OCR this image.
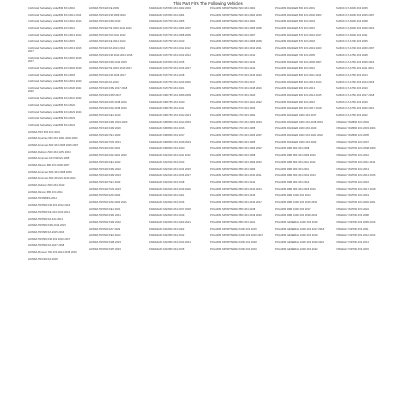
This Part Fit's The Following Vehicles
CHN Hisil Subsidiary Ltda BIM 6X4 2010
CHN Hisil Subsidiary Ltda BIM 6X4 2011 2014
CHN Hisil Subsidiary Ltda BIM 4X4 2010 2014
CHN Hisil Subsidiary Ltda BIM 4X4 2012
CHN Hisil Subsidiary Ltda BIM 6X4 2013 2014
CHN Hisil Subsidiary Ltda BIM 6X4 2015
CHN Hisil Subsidiary Ltda BIM 4X4 2013 2016 2017
CHN Hisil Subsidiary Ltda BIM 6X4 2015 2016 2017
CHN Hisil Subsidiary Ltda BIM 4X4 2018 2019
CHN Hisil Subsidiary Ltda BIM 6X4 2018
CHN Hisil Subsidiary Ltda BIM 6X4 2019 2020
CHN Hisil Subsidiary Ltda BIM 4X4 2020 2021 2022
CHN Hisil Subsidiary Ltda BIM 4X4 2021 2022
CHN Hisil Subsidiary Ltda BIM 6X4 2022
CHN Hisil Subsidiary Ltda BIM 4X4 2023 2024
CHN Hisil Subsidiary Ltda BIM 6X4 2023
CHN Hisil Subsidiary Ltda BIM 6X4 2024
HONDA TRX 500 4X4 2001
HONDA Fourtrax 500 4X4 2001 2002 2003
HONDA Foreman 500 4X4 2005 2006 2007
HONDA Rubicon 500 4X4 GPS 2004
HONDA Foreman 4X4 500 ES 2005
HONDA Rincon 680 4X4 2006 2007
HONDA Foreman 500 4X4 2008 2009
HONDA Foreman 500 4X4 ES 2010 2011
HONDA Rubicon 500 4X4 2010
HONDA Rincon 680 4X4 2011
HONDA TRX680FA 2012
HONDA TRX500 FM 4X4 2012 2013
HONDA TRX500 FE 4X4 2013 2014
HONDA TRX500 FA 4X4 2014
HONDA TRX500 FPA 2014 2015
HONDA TRX680 FA 2015 2016
HONDA TRX500 FM 4X4 2016 2017
HONDA TRX500 FA 2017 2018
HONDA Pioneer 700 4X4 2014 2015 2016
HONDA TRX420 FA 2018
HONDA TRX420 FE 2009
HONDA TRX420 FM 2009 2010
HONDA TRX420 FPA 2010
HONDA TRX420 TE 2010 2011 2012
HONDA TRX420 TM 2011 2012
HONDA TRX420 FE 2012 2013
HONDA TRX420 FA 2013 2014
HONDA TRX420 FM 2013 2014 2015
HONDA TRX420 FPA 2014 2015
HONDA TRX420 TE 2015 2016 2017
HONDA TRX420 FM 2016 2017
HONDA TRX420 FA 2016
HONDA TRX420 FPE 2017 2018
HONDA TRX420 FPM 2017
HONDA TRX420 FA5 2018 2019
HONDA TRX420 FA6 2018 2019
HONDA TRX420 FE1 2019
HONDA TRX420 FM1 2019 2020
HONDA TRX420 FM2 2020
HONDA TRX420 TE1 2020
HONDA TRX420 TM1 2021
HONDA TRX420 FA5 2021
HONDA TRX420 FA6 2021 2022
HONDA TRX420 FE1 2022
HONDA TRX420 FM1 2022
HONDA TRX420 FM2 2023
HONDA TRX420 TE1 2023
HONDA TRX420 TM1 2023
HONDA TRX520 FA5 2020
HONDA TRX520 FA6 2020 2021
HONDA TRX520 FE1 2021
HONDA TRX520 FM1 2021
HONDA TRX520 FM2 2022
HONDA TRX520 FA7 2022
HONDA TRX520 FE2 2023
HONDA TRX520 FM6 2023
HONDA TRX520 FM7 2023
KAWASAKI KVF650 4X4 2002 2003
KAWASAKI KVF650 4X4 2004
KAWASAKI KVF750 4X4 2005
KAWASAKI KVF750 4X4 2006 2007
KAWASAKI KVF750 4X4 2008 2009
KAWASAKI KVF750 4X4 2010
KAWASAKI KVF750 4X4 2011 2012
KAWASAKI KVF750 4X4 2013 2014
KAWASAKI KVF650 4X4 2015
KAWASAKI KVF750 4X4 2016 2017
KAWASAKI KVF750 4X4 2018
KAWASAKI KVF750 4X4 2019 2020
KAWASAKI KVF750 4X4 2021
KAWASAKI KRF750 4X4 2008 2009
KAWASAKI KRF750 4X4 2010
KAWASAKI KRF750 4X4 2011
KAWASAKI KRF750 4X4 2012 2013
KAWASAKI KRF800 4X4 2014 2015
KAWASAKI KRF800 4X4 2016
KAWASAKI KRF800 4X4 2017
KAWASAKI KRF800 4X4 2018 2019
KAWASAKI KRF800 4X4 2020
KAWASAKI KAF620 4X4 2011 2012
KAWASAKI KAF620 4X4 2013
KAWASAKI KAF620 4X4 2014 2015
KAWASAKI KAF620 4X4 2016 2017
KAWASAKI KAF620 4X4 2018
KAWASAKI KAF620 4X4 2019 2020
KAWASAKI KAF620 4X4 2021
KAWASAKI KAF820 4X4 2016
KAWASAKI KAF820 4X4 2017 2018
KAWASAKI KAF820 4X4 2019
KAWASAKI KAF820 4X4 2020 2021
KAWASAKI KAF820 4X4 2022
KAWASAKI KAF950 4X4 2012
KAWASAKI KAF950 4X4 2013 2014
KAWASAKI KAF950 4X4 2015
POLARIS SPORTSMAN 500 4X4 2001
POLARIS SPORTSMAN 500 4X4 2002 2003
POLARIS SPORTSMAN 500 4X4 2004
POLARIS SPORTSMAN 500 4X4 2005 2006
POLARIS SPORTSMAN 500 4X4 2007
POLARIS SPORTSMAN 500 4X4 2008 2009
POLARIS SPORTSMAN 500 4X4 2010 2011
POLARIS SPORTSMAN 500 4X4 2012
POLARIS SPORTSMAN 500 4X4 2013
POLARIS SPORTSMAN 570 4X4 2014
POLARIS SPORTSMAN 570 4X4 2015 2016
POLARIS SPORTSMAN 570 4X4 2017
POLARIS SPORTSMAN 570 4X4 2018 2019
POLARIS SPORTSMAN 570 4X4 2020
POLARIS SPORTSMAN 570 4X4 2021 2022
POLARIS SPORTSMAN 570 4X4 2023
POLARIS SPORTSMAN 700 4X4 2002
POLARIS SPORTSMAN 700 4X4 2003 2004
POLARIS SPORTSMAN 700 4X4 2005
POLARIS SPORTSMAN 700 4X4 2006 2007
POLARIS SPORTSMAN 800 4X4 2005
POLARIS SPORTSMAN 800 4X4 2006 2007
POLARIS SPORTSMAN 800 4X4 2008
POLARIS SPORTSMAN 800 4X4 2009 2010
POLARIS SPORTSMAN 850 4X4 2009
POLARIS SPORTSMAN 850 4X4 2010 2011
POLARIS SPORTSMAN 850 4X4 2012
POLARIS SPORTSMAN 850 4X4 2013 2014
POLARIS SPORTSMAN 850 4X4 2015
POLARIS SPORTSMAN 850 4X4 2016 2017
POLARIS SPORTSMAN 850 4X4 2018
POLARIS SPORTSMAN 850 4X4 2019 2020
POLARIS SPORTSMAN 850 4X4 2021
POLARIS SPORTSMAN 1000 4X4 2015
POLARIS SPORTSMAN 1000 4X4 2016 2017
POLARIS SPORTSMAN 1000 4X4 2018
POLARIS SPORTSMAN 1000 4X4 2019
POLARIS RANGER 500 4X4 2001
POLARIS RANGER 500 4X4 2002 2003
POLARIS RANGER 500 4X4 2004
POLARIS RANGER 570 4X4 2015
POLARIS RANGER 570 4X4 2016 2017
POLARIS RANGER 570 4X4 2018
POLARIS RANGER 570 4X4 2019 2020
POLARIS RANGER 700 4X4 2005
POLARIS RANGER 700 4X4 2006 2007
POLARIS RANGER 800 4X4 2010
POLARIS RANGER 800 4X4 2011 2012
POLARIS RANGER 800 4X4 2013 2014
POLARIS RANGER 900 4X4 2013
POLARIS RANGER 900 4X4 2014 2015
POLARIS RANGER 900 4X4 2016
POLARIS RANGER 900 4X4 2017 2018
POLARIS RANGER 1000 4X4 2017
POLARIS RANGER 1000 4X4 2018 2019
POLARIS RANGER 1000 4X4 2020
POLARIS RANGER 1000 4X4 2021 2022
POLARIS RANGER 1000 4X4 2023
POLARIS RZR 800 4X4 2008
POLARIS RZR 800 4X4 2009 2010
POLARIS RZR 800 4X4 2011 2012
POLARIS RZR 900 4X4 2011
POLARIS RZR 900 4X4 2012 2013
POLARIS RZR 900 4X4 2014
POLARIS RZR 900 4X4 2015 2016
POLARIS RZR 1000 4X4 2014
POLARIS RZR 1000 4X4 2015 2016
POLARIS RZR 1000 4X4 2017
POLARIS RZR 1000 4X4 2018 2019
POLARIS GENERAL 1000 4X4 2016
POLARIS GENERAL 1000 4X4 2017 2018
POLARIS GENERAL 1000 4X4 2019
POLARIS GENERAL 1000 4X4 2020 2021
POLARIS GENERAL 1000 4X4 2022
SUZUKI LT-A500 4X4 2005
SUZUKI LT-A500 4X4 2006 2007
SUZUKI LT-A500 4X4 2008
SUZUKI LT-A500 4X4 2009 2010
SUZUKI LT-A500 4X4 2011
SUZUKI LT-A700 4X4 2005
SUZUKI LT-A700 4X4 2006 2007
SUZUKI LT-A750 4X4 2008
SUZUKI LT-A750 4X4 2009 2010
SUZUKI LT-A750 4X4 2011 2012
SUZUKI LT-A750 4X4 2013
SUZUKI LT-A750 4X4 2014 2015
SUZUKI LT-A750 4X4 2016
SUZUKI LT-A750 4X4 2017 2018
SUZUKI LT-A750 4X4 2019
SUZUKI LT-A750 4X4 2020 2021
SUZUKI LT-A750 4X4 2022
YAMAHA YFM660 4X4 2002
YAMAHA YFM660 4X4 2003 2004
YAMAHA YFM660 4X4 2005
YAMAHA YFM700 4X4 2007
YAMAHA YFM700 4X4 2008 2009
YAMAHA YFM700 4X4 2010
YAMAHA YFM700 4X4 2011 2012
YAMAHA YFM700 4X4 2013
YAMAHA YFM700 4X4 2014 2015
YAMAHA YFM700 4X4 2016
YAMAHA YFM700 4X4 2017 2018
YAMAHA YFM700 4X4 2019
YAMAHA YFM700 4X4 2020 2021
YAMAHA YFM700 4X4 2022
YAMAHA YXR700 4X4 2008
YAMAHA YXR700 4X4 2009 2010
YAMAHA YXR700 4X4 2011
YAMAHA YXR700 4X4 2012 2013
YAMAHA YXR700 4X4 2014
YAMAHA YXR700 4X4 2015
